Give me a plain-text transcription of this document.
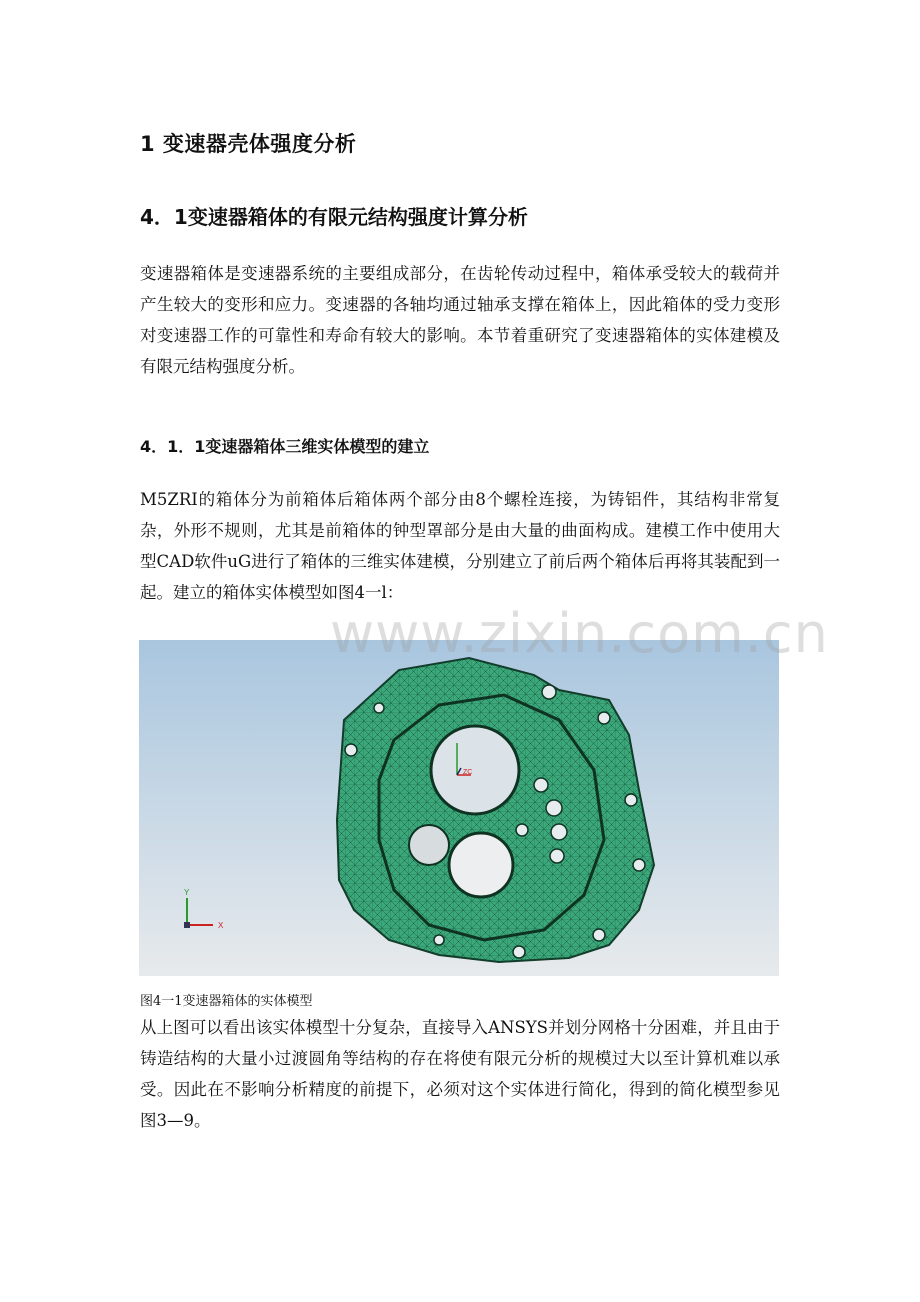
1 变速器壳体强度分析
4．1变速器箱体的有限元结构强度计算分析
变速器箱体是变速器系统的主要组成部分，在齿轮传动过程中，箱体承受较大的载荷并产生较大的变形和应力。变速器的各轴均通过轴承支撑在箱体上，因此箱体的受力变形对变速器工作的可靠性和寿命有较大的影响。本节着重研究了变速器箱体的实体建模及有限元结构强度分析。
4．1．1变速器箱体三维实体模型的建立
M5ZRI的箱体分为前箱体后箱体两个部分由8个螺栓连接，为铸铝件，其结构非常复杂，外形不规则，尤其是前箱体的钟型罩部分是由大量的曲面构成。建模工作中使用大型CAD软件uG进行了箱体的三维实体建模，分别建立了前后两个箱体后再将其装配到一起。建立的箱体实体模型如图4一l：
ZC
Y
X
www.zixin.com.cn
图4一1变速器箱体的实体模型
从上图可以看出该实体模型十分复杂，直接导入ANSYS并划分网格十分困难，并且由于铸造结构的大量小过渡圆角等结构的存在将使有限元分析的规模过大以至计算机难以承受。因此在不影响分析精度的前提下，必须对这个实体进行简化，得到的简化模型参见图3—9。
